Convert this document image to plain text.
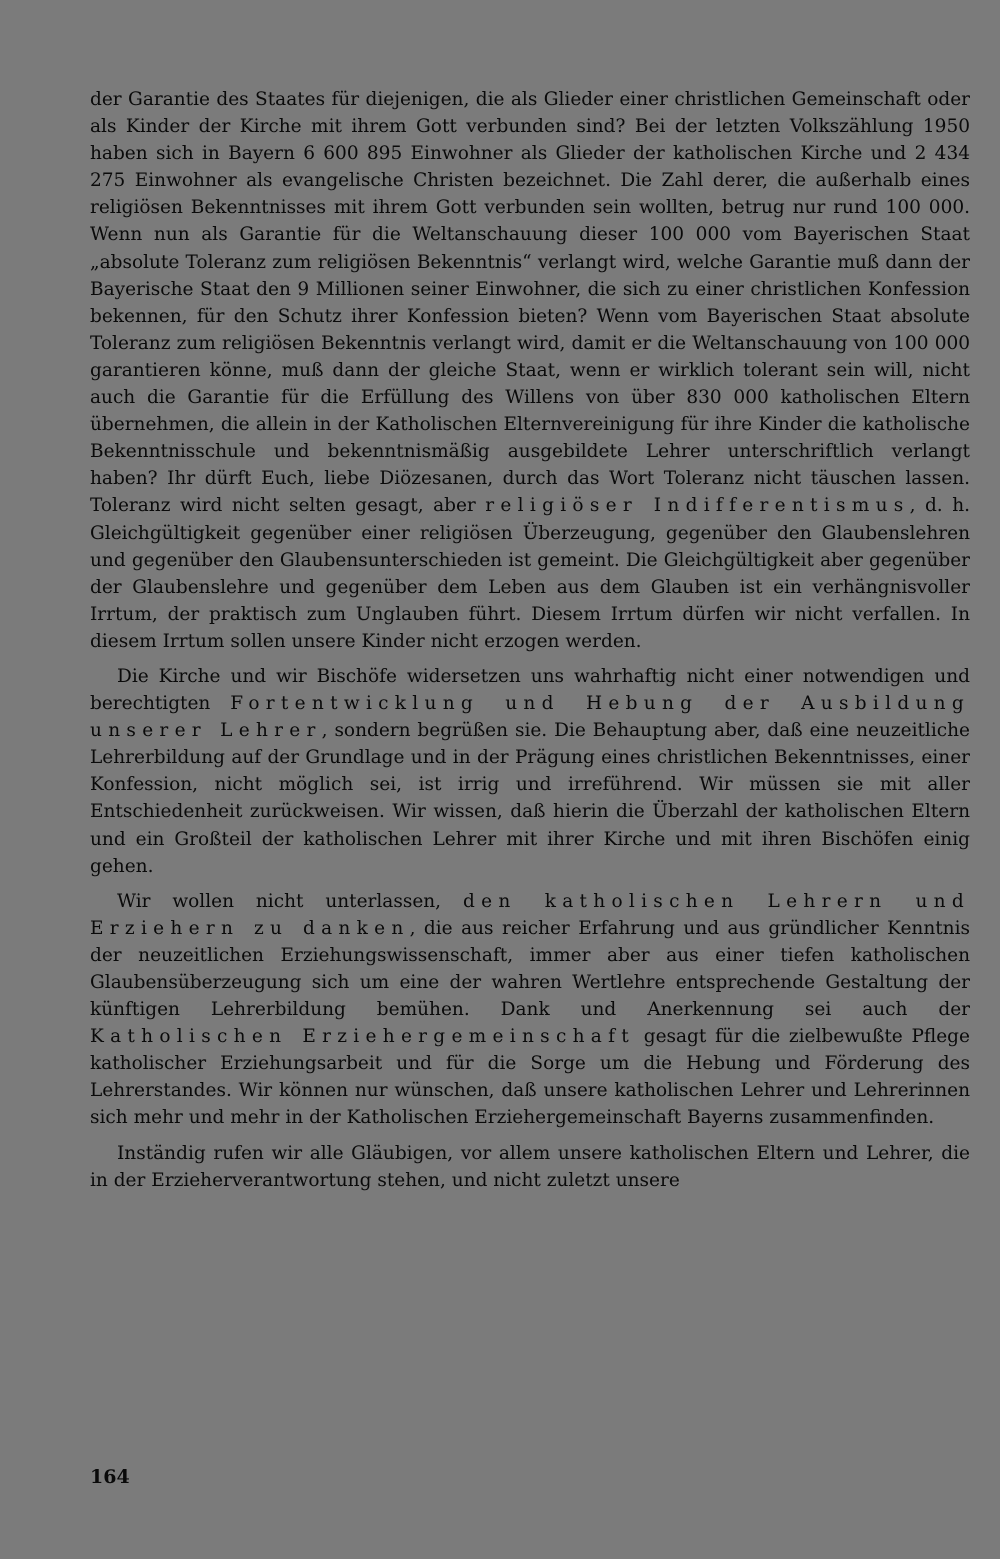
der Garantie des Staates für diejenigen, die als Glieder einer christlichen Gemeinschaft oder als Kinder der Kirche mit ihrem Gott verbunden sind? Bei der letzten Volkszählung 1950 haben sich in Bayern 6 600 895 Einwohner als Glieder der katholischen Kirche und 2 434 275 Einwohner als evangelische Christen bezeichnet. Die Zahl derer, die außerhalb eines religiösen Bekenntnisses mit ihrem Gott verbunden sein wollten, betrug nur rund 100 000. Wenn nun als Garantie für die Weltanschauung dieser 100 000 vom Bayerischen Staat „absolute Toleranz zum religiösen Bekenntnis“ verlangt wird, welche Garantie muß dann der Bayerische Staat den 9 Millionen seiner Einwohner, die sich zu einer christlichen Konfession bekennen, für den Schutz ihrer Konfession bieten? Wenn vom Bayerischen Staat absolute Toleranz zum religiösen Bekenntnis verlangt wird, damit er die Weltanschauung von 100 000 garantieren könne, muß dann der gleiche Staat, wenn er wirklich tolerant sein will, nicht auch die Garantie für die Erfüllung des Willens von über 830 000 katholischen Eltern übernehmen, die allein in der Katholischen Elternvereinigung für ihre Kinder die katholische Bekenntnisschule und bekenntnismäßig ausgebildete Lehrer unterschriftlich verlangt haben? Ihr dürft Euch, liebe Diözesanen, durch das Wort Toleranz nicht täuschen lassen. Toleranz wird nicht selten gesagt, aber religiöser Indifferentismus, d. h. Gleichgültigkeit gegenüber einer religiösen Überzeugung, gegenüber den Glaubenslehren und gegenüber den Glaubensunterschieden ist gemeint. Die Gleichgültigkeit aber gegenüber der Glaubenslehre und gegenüber dem Leben aus dem Glauben ist ein verhängnisvoller Irrtum, der praktisch zum Unglauben führt. Diesem Irrtum dürfen wir nicht verfallen. In diesem Irrtum sollen unsere Kinder nicht erzogen werden.

Die Kirche und wir Bischöfe widersetzen uns wahrhaftig nicht einer notwendigen und berechtigten Fortentwicklung und Hebung der Ausbildung unserer Lehrer, sondern begrüßen sie. Die Behauptung aber, daß eine neuzeitliche Lehrerbildung auf der Grundlage und in der Prägung eines christlichen Bekenntnisses, einer Konfession, nicht möglich sei, ist irrig und irreführend. Wir müssen sie mit aller Entschiedenheit zurückweisen. Wir wissen, daß hierin die Überzahl der katholischen Eltern und ein Großteil der katholischen Lehrer mit ihrer Kirche und mit ihren Bischöfen einig gehen.

Wir wollen nicht unterlassen, den katholischen Lehrern und Erziehern zu danken, die aus reicher Erfahrung und aus gründlicher Kenntnis der neuzeitlichen Erziehungswissenschaft, immer aber aus einer tiefen katholischen Glaubensüberzeugung sich um eine der wahren Wertlehre entsprechende Gestaltung der künftigen Lehrerbildung bemühen. Dank und Anerkennung sei auch der Katholischen Erziehergemeinschaft gesagt für die zielbewußte Pflege katholischer Erziehungsarbeit und für die Sorge um die Hebung und Förderung des Lehrerstandes. Wir können nur wünschen, daß unsere katholischen Lehrer und Lehrerinnen sich mehr und mehr in der Katholischen Erziehergemeinschaft Bayerns zusammenfinden.

Inständig rufen wir alle Gläubigen, vor allem unsere katholischen Eltern und Lehrer, die in der Erzieherverantwortung stehen, und nicht zuletzt unsere

164
